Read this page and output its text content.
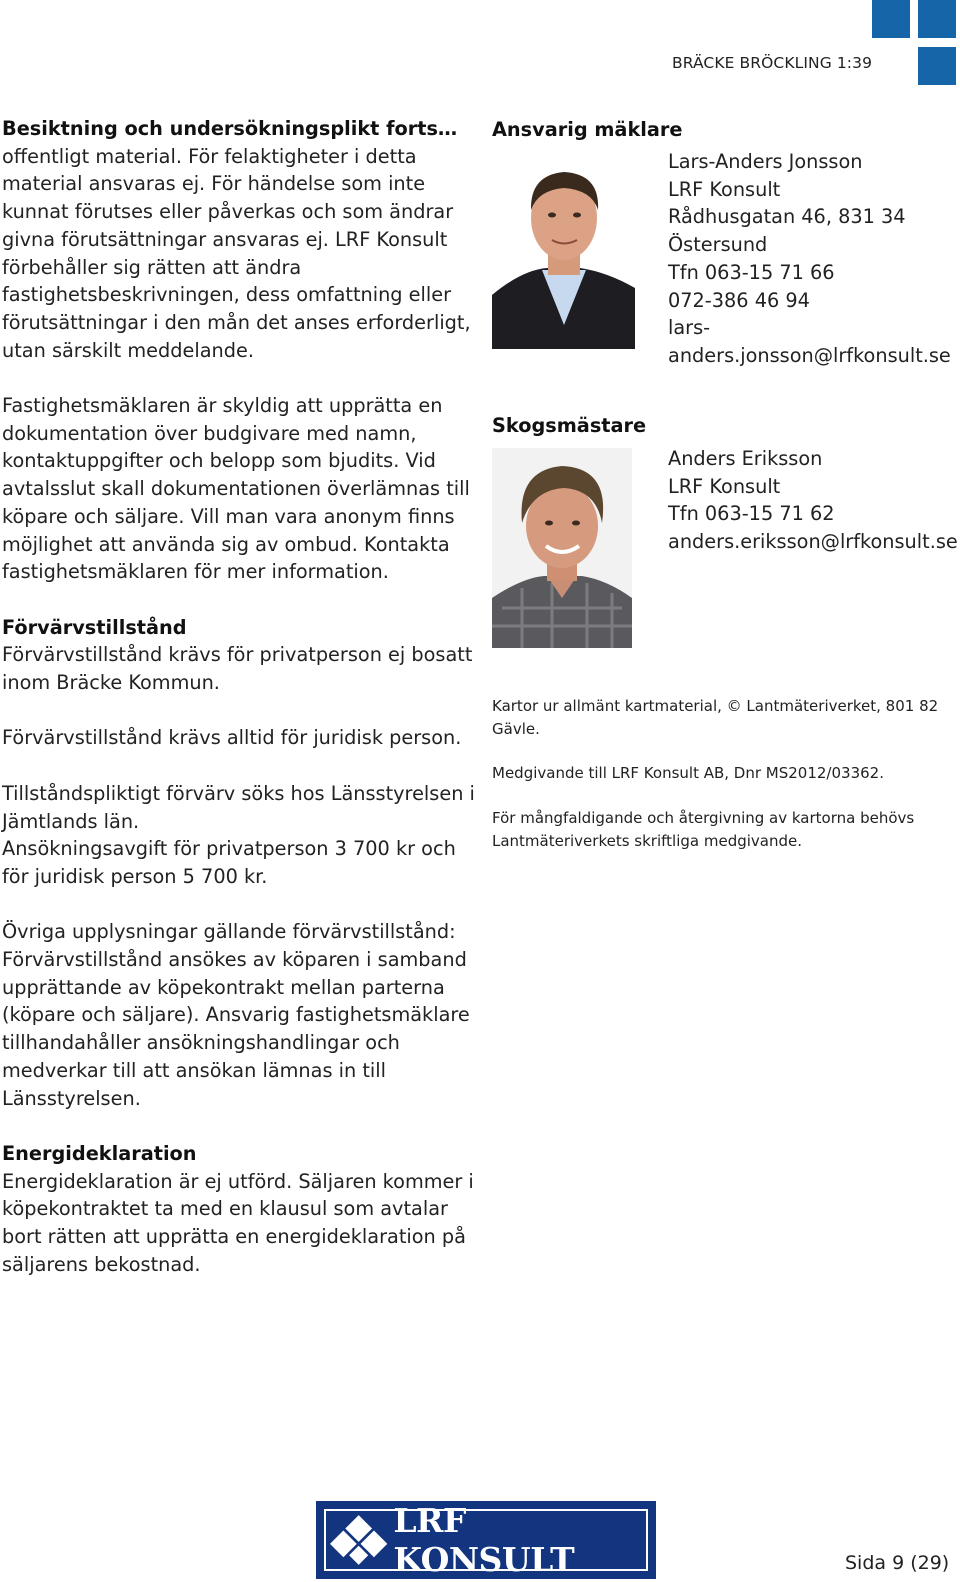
BRÄCKE BRÖCKLING 1:39
Besiktning och undersökningsplikt forts…
offentligt material. För felaktigheter i detta
material ansvaras ej. För händelse som inte
kunnat förutses eller påverkas och som ändrar
givna förutsättningar ansvaras ej. LRF Konsult
förbehåller sig rätten att ändra
fastighetsbeskrivningen, dess omfattning eller
förutsättningar i den mån det anses erforderligt,
utan särskilt meddelande.
Fastighetsmäklaren är skyldig att upprätta en
dokumentation över budgivare med namn,
kontaktuppgifter och belopp som bjudits. Vid
avtalsslut skall dokumentationen överlämnas till
köpare och säljare. Vill man vara anonym finns
möjlighet att använda sig av ombud. Kontakta
fastighetsmäklaren för mer information.
Förvärvstillstånd
Förvärvstillstånd krävs för privatperson ej bosatt
inom Bräcke Kommun.
Förvärvstillstånd krävs alltid för juridisk person.
Tillståndspliktigt förvärv söks hos Länsstyrelsen i
Jämtlands län.
Ansökningsavgift för privatperson 3 700 kr och
för juridisk person 5 700 kr.
Övriga upplysningar gällande förvärvstillstånd:
Förvärvstillstånd ansökes av köparen i samband
upprättande av köpekontrakt mellan parterna
(köpare och säljare). Ansvarig fastighetsmäklare
tillhandahåller ansökningshandlingar och
medverkar till att ansökan lämnas in till
Länsstyrelsen.
Energideklaration
Energideklaration är ej utförd. Säljaren kommer i
köpekontraktet ta med en klausul som avtalar
bort rätten att upprätta en energideklaration på
säljarens bekostnad.
Ansvarig mäklare
Lars-Anders Jonsson
LRF Konsult
Rådhusgatan 46, 831 34
Östersund
Tfn 063-15 71 66
072-386 46 94
lars-
anders.jonsson@lrfkonsult.se
Skogsmästare
Anders Eriksson
LRF Konsult
Tfn 063-15 71 62
anders.eriksson@lrfkonsult.se
Kartor ur allmänt kartmaterial, © Lantmäteriverket, 801 82
Gävle.
Medgivande till LRF Konsult AB, Dnr MS2012/03362.
För mångfaldigande och återgivning av kartorna behövs
Lantmäteriverkets skriftliga medgivande.
LRF KONSULT	Sida 9 (29)
